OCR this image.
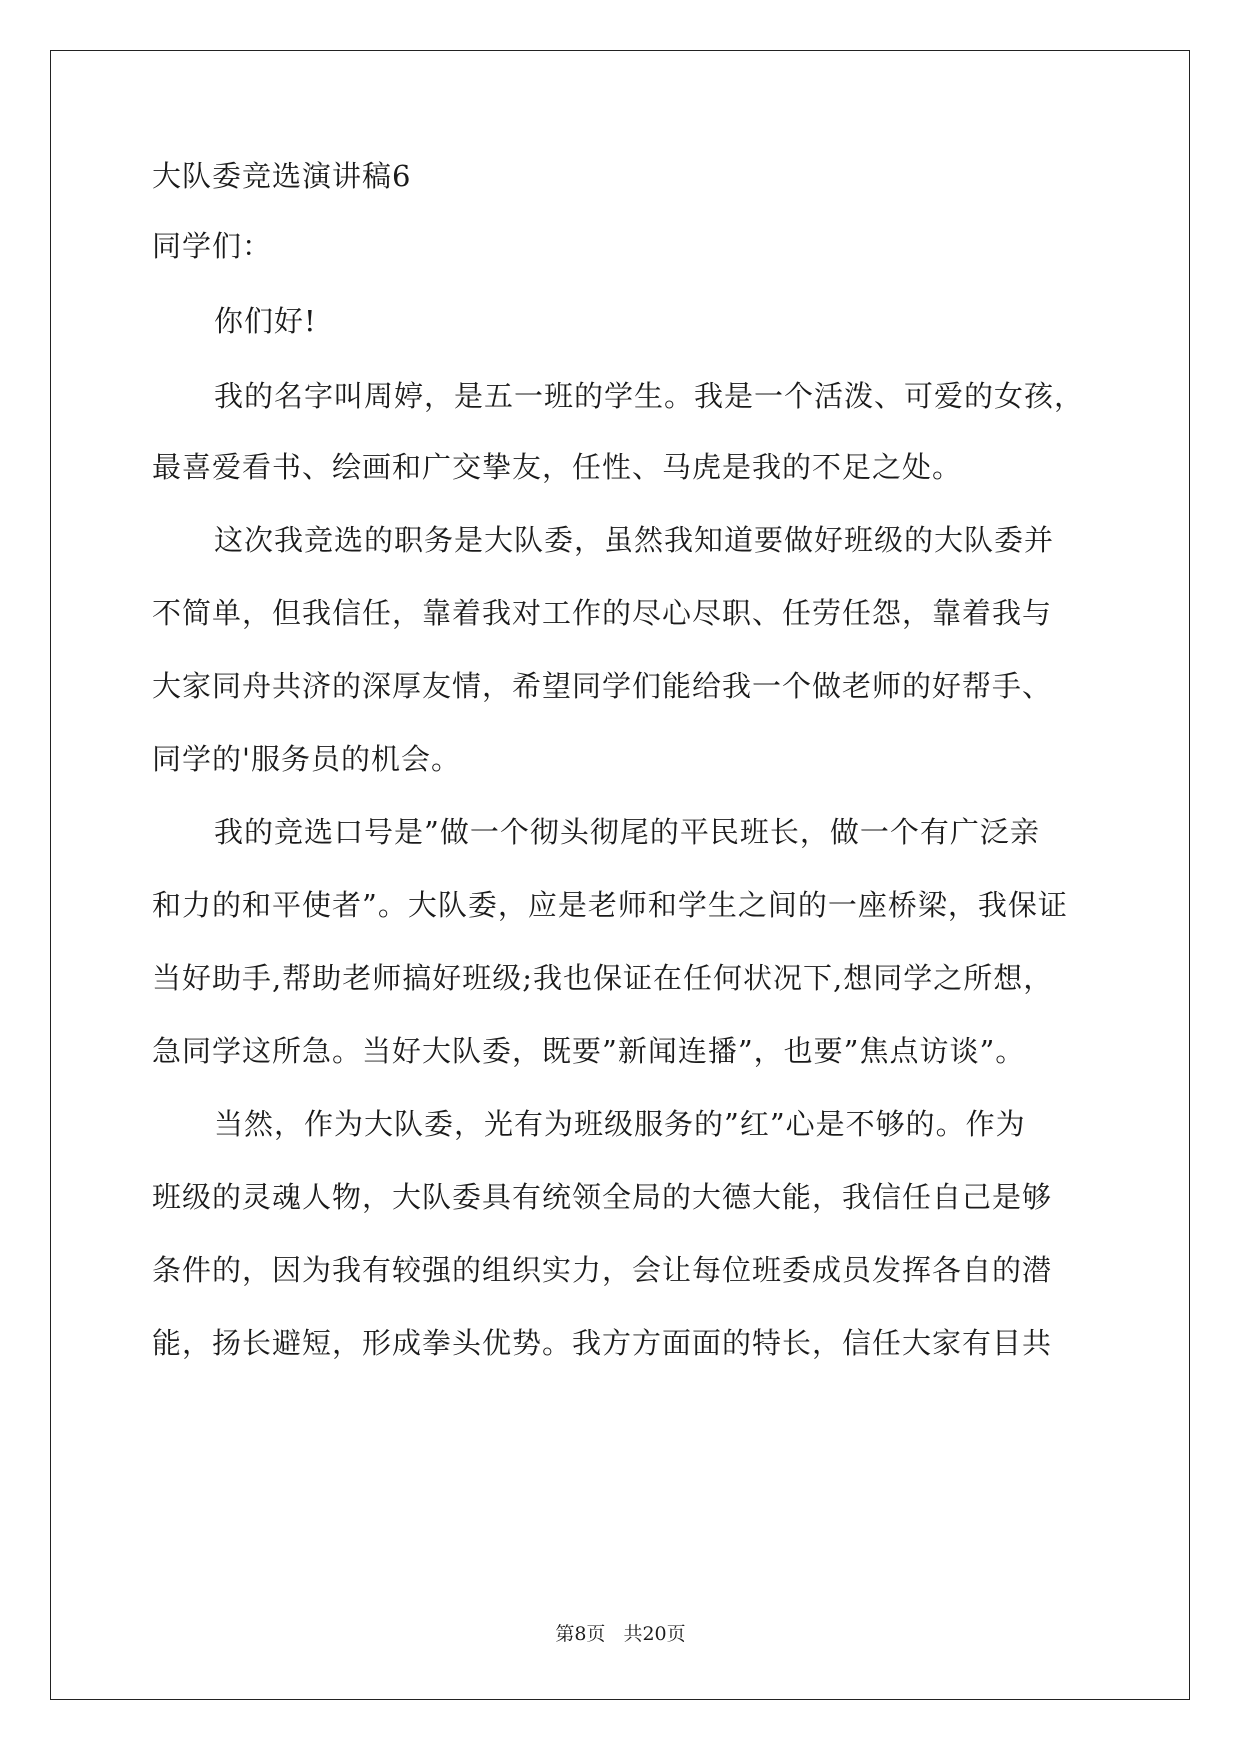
大队委竞选演讲稿6
同学们：
你们好!
我的名字叫周婷，是五一班的学生。我是一个活泼、可爱的女孩，
最喜爱看书、绘画和广交挚友，任性、马虎是我的不足之处。
这次我竞选的职务是大队委，虽然我知道要做好班级的大队委并
不简单，但我信任，靠着我对工作的尽心尽职、任劳任怨，靠着我与
大家同舟共济的深厚友情，希望同学们能给我一个做老师的好帮手、
同学的'服务员的机会。
我的竞选口号是”做一个彻头彻尾的平民班长，做一个有广泛亲
和力的和平使者”。大队委，应是老师和学生之间的一座桥梁，我保证
当好助手,帮助老师搞好班级;我也保证在任何状况下,想同学之所想，
急同学这所急。当好大队委，既要”新闻连播”，也要”焦点访谈”。
当然，作为大队委，光有为班级服务的”红”心是不够的。作为
班级的灵魂人物，大队委具有统领全局的大德大能，我信任自己是够
条件的，因为我有较强的组织实力，会让每位班委成员发挥各自的潜
能，扬长避短，形成拳头优势。我方方面面的特长，信任大家有目共
第8页 共20页
